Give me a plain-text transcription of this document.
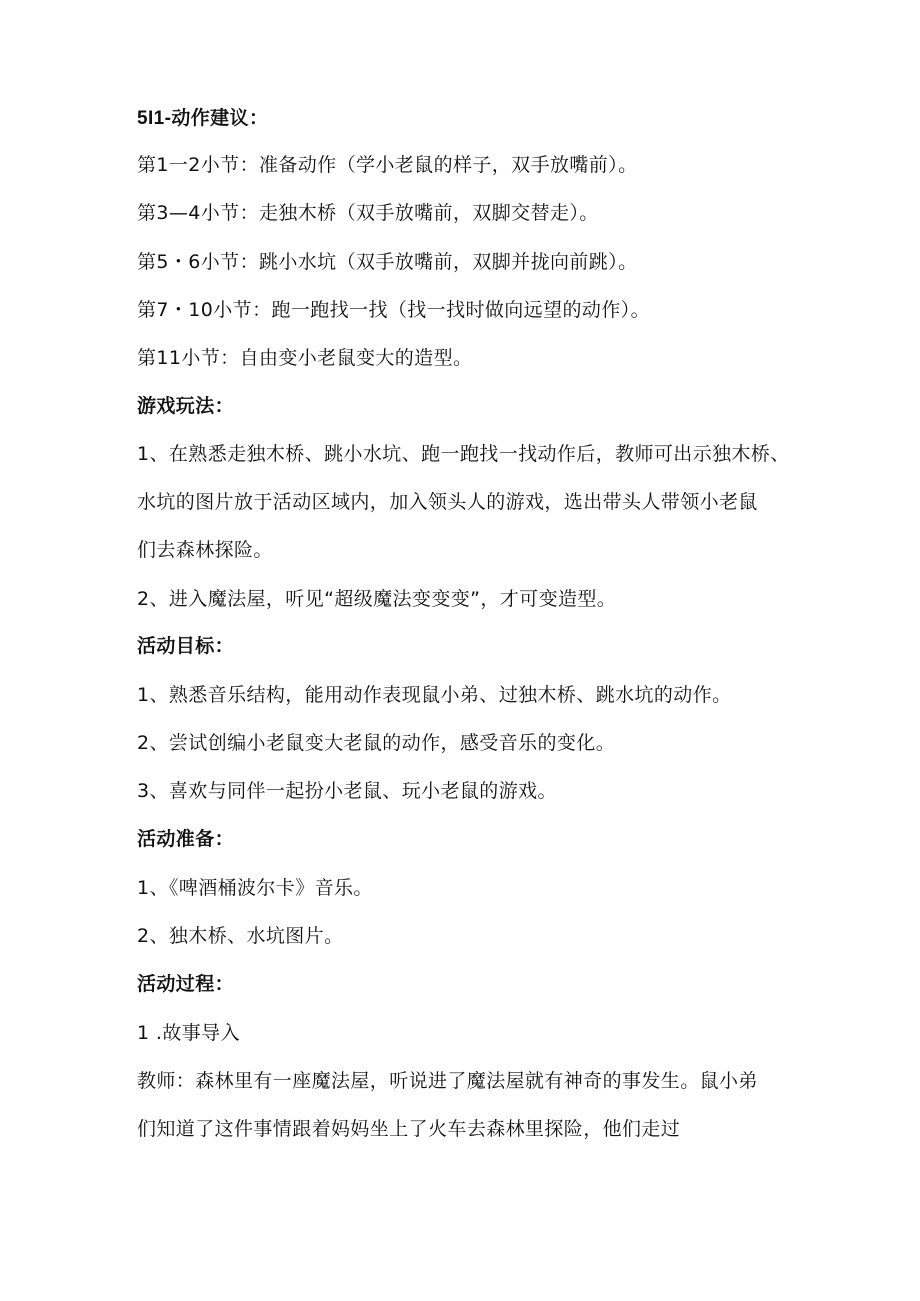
5I1-动作建议：
第1一2小节：准备动作（学小老鼠的样子，双手放嘴前）。
第3—4小节：走独木桥（双手放嘴前，双脚交替走）。
第5・6小节：跳小水坑（双手放嘴前，双脚并拢向前跳）。
第7・10小节：跑一跑找一找（找一找时做向远望的动作）。
第11小节：自由变小老鼠变大的造型。
游戏玩法：
1、在熟悉走独木桥、跳小水坑、跑一跑找一找动作后，教师可出示独木桥、
水坑的图片放于活动区域内，加入领头人的游戏，选出带头人带领小老鼠
们去森林探险。
2、进入魔法屋，听见“超级魔法变变变”，才可变造型。
活动目标：
1、熟悉音乐结构，能用动作表现鼠小弟、过独木桥、跳水坑的动作。
2、尝试创编小老鼠变大老鼠的动作，感受音乐的变化。
3、喜欢与同伴一起扮小老鼠、玩小老鼠的游戏。
活动准备：
1、《啤酒桶波尔卡》音乐。
2、独木桥、水坑图片。
活动过程：
1 .故事导入
教师：森林里有一座魔法屋，听说进了魔法屋就有神奇的事发生。鼠小弟
们知道了这件事情跟着妈妈坐上了火车去森林里探险，他们走过
